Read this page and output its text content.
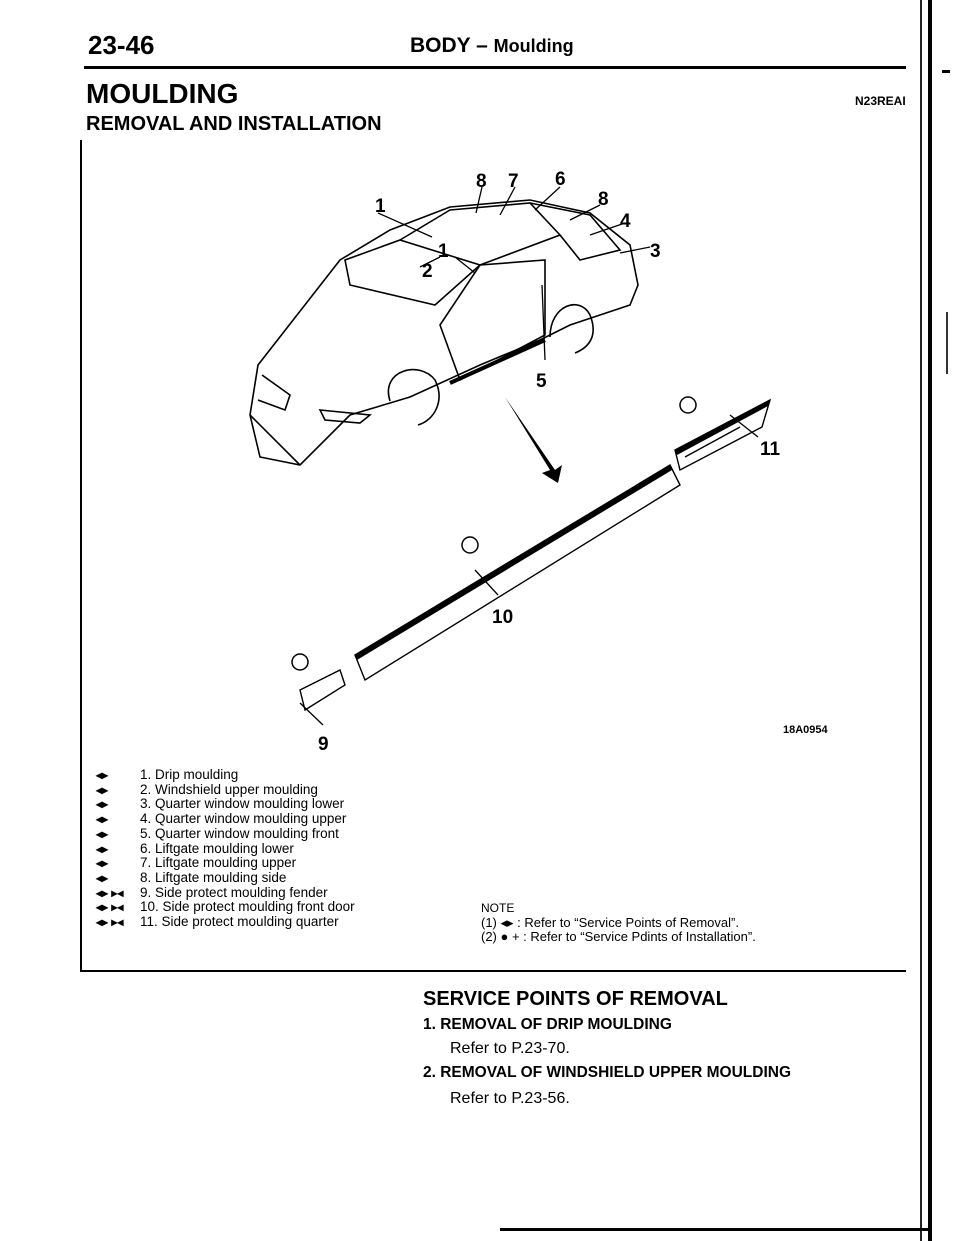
23-46	BODY – Moulding
MOULDING	N23REAI
REMOVAL AND INSTALLATION
1
2
1
8 7 6
8
4
3
5
11
10
9
18A0954
◂▸	1. Drip moulding
◂▸	2. Windshield upper moulding
◂▸	3. Quarter window moulding lower
◂▸	4. Quarter window moulding upper
◂▸	5. Quarter window moulding front
◂▸	6. Liftgate moulding lower
◂▸	7. Liftgate moulding upper
◂▸	8. Liftgate moulding side
◂▸ ▸◂	9. Side protect moulding fender
◂▸ ▸◂	10. Side protect moulding front door
◂▸ ▸◂	11. Side protect moulding quarter
NOTE
(1) ◂▸ : Refer to “Service Points of Removal”.
(2) ● + : Refer to “Service Pdints of Installation”.
SERVICE POINTS OF REMOVAL
1. REMOVAL OF DRIP MOULDING
Refer to P.23-70.
2. REMOVAL OF WINDSHIELD UPPER MOULDING
Refer to P.23-56.
